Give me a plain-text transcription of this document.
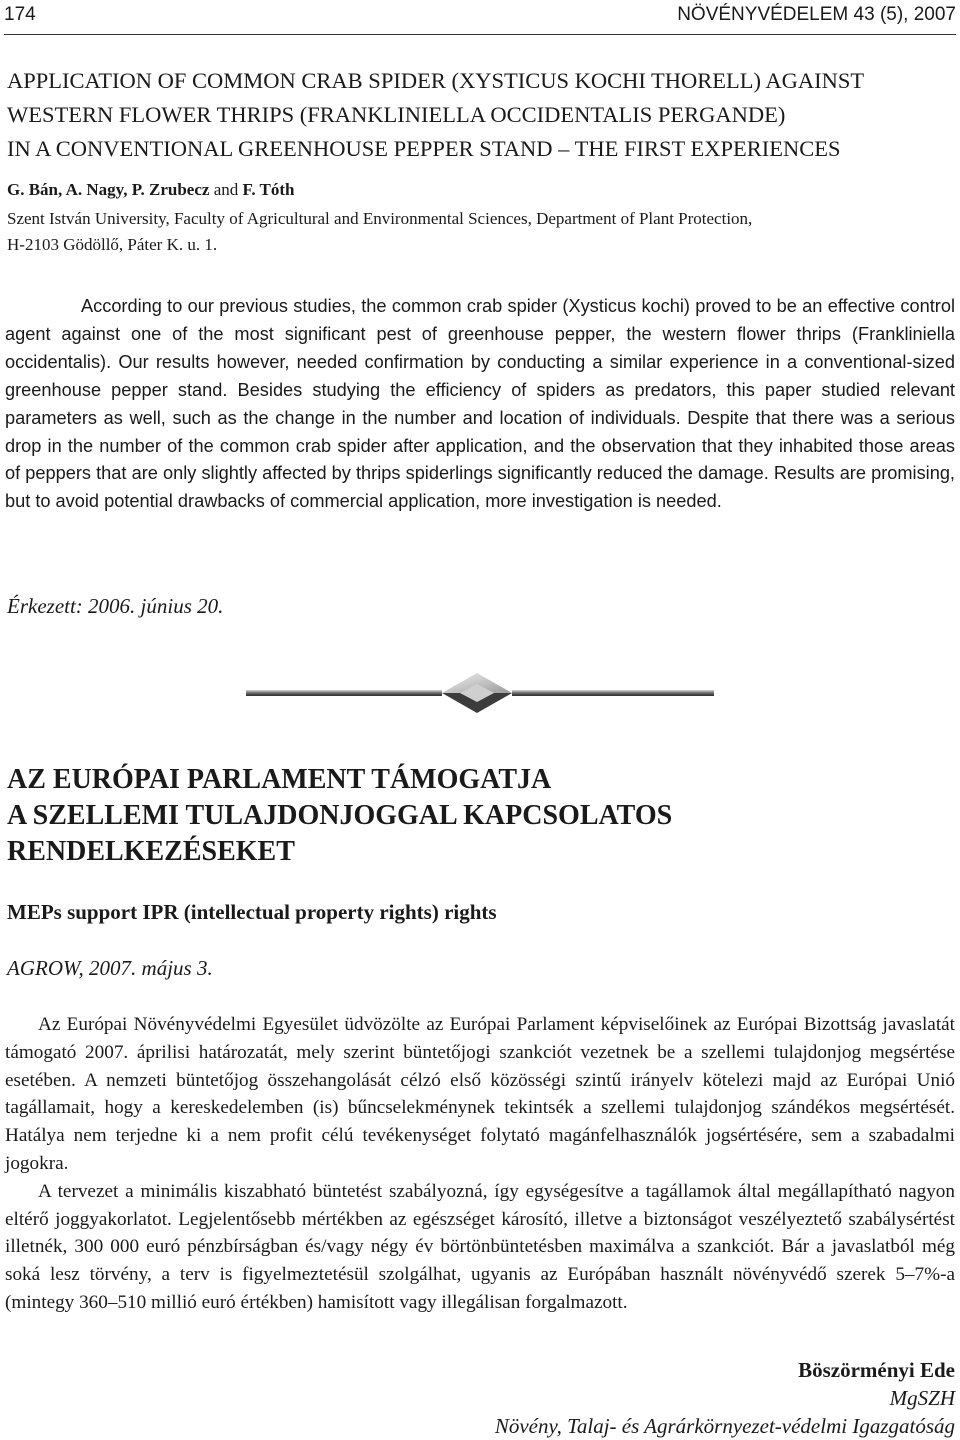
174	NÖVÉNYVÉDELEM 43 (5), 2007
APPLICATION OF COMMON CRAB SPIDER (XYSTICUS KOCHI THORELL) AGAINST
WESTERN FLOWER THRIPS (FRANKLINIELLA OCCIDENTALIS PERGANDE)
IN A CONVENTIONAL GREENHOUSE PEPPER STAND – THE FIRST EXPERIENCES
G. Bán, A. Nagy, P. Zrubecz and F. Tóth
Szent István University, Faculty of Agricultural and Environmental Sciences, Department of Plant Protection,
H-2103 Gödöllő, Páter K. u. 1.
According to our previous studies, the common crab spider (Xysticus kochi) proved to be an effective control agent against one of the most significant pest of greenhouse pepper, the western flower thrips (Frankliniella occidentalis). Our results however, needed confirmation by conducting a similar experience in a conventional-sized greenhouse pepper stand. Besides studying the efficiency of spiders as predators, this paper studied relevant parameters as well, such as the change in the number and location of individuals. Despite that there was a serious drop in the number of the common crab spider after application, and the observation that they inhabited those areas of peppers that are only slightly affected by thrips spiderlings significantly reduced the damage. Results are promising, but to avoid potential drawbacks of commercial application, more investigation is needed.
Érkezett: 2006. június 20.
AZ EURÓPAI PARLAMENT TÁMOGATJA
A SZELLEMI TULAJDONJOGGAL KAPCSOLATOS
RENDELKEZÉSEKET
MEPs support IPR (intellectual property rights) rights
AGROW, 2007. május 3.

Az Európai Növényvédelmi Egyesület üdvözölte az Európai Parlament képviselőinek az Európai Bizottság javaslatát támogató 2007. áprilisi határozatát, mely szerint büntetőjogi szankciót vezetnek be a szellemi tulajdonjog megsértése esetében. A nemzeti büntetőjog összehangolását célzó első közösségi szintű irányelv kötelezi majd az Európai Unió tagállamait, hogy a kereskedelemben (is) bűncselekménynek tekintsék a szellemi tulajdonjog szándékos megsértését. Hatálya nem terjedne ki a nem profit célú tevékenységet folytató magánfelhasználók jogsértésére, sem a szabadalmi jogokra.

A tervezet a minimális kiszabható büntetést szabályozná, így egységesítve a tagállamok által megállapítható nagyon eltérő joggyakorlatot. Legjelentősebb mértékben az egészséget károsító, illetve a biztonságot veszélyeztető szabálysértést illetnék, 300 000 euró pénzbírságban és/vagy négy év börtönbüntetésben maximálva a szankciót. Bár a javaslatból még soká lesz törvény, a terv is figyelmeztetésül szolgálhat, ugyanis az Európában használt növényvédő szerek 5–7%-a (mintegy 360–510 millió euró értékben) hamisított vagy illegálisan forgalmazott.

Böszörményi Ede
MgSZH
Növény, Talaj- és Agrárkörnyezet-védelmi Igazgatóság
